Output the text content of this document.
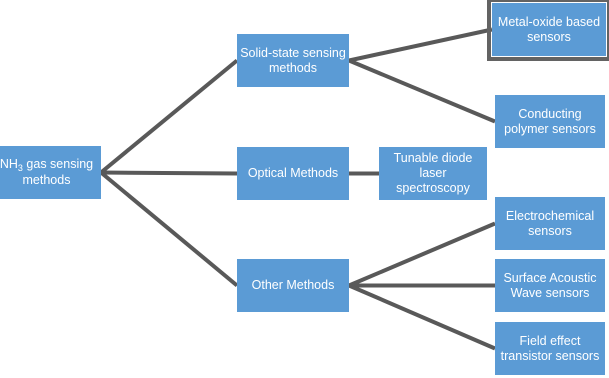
$NH_3$ gas sensing methods
Solid-state sensing methods
Optical Methods
Other Methods
Tunable diode laser spectroscopy
Metal-oxide based sensors
Conducting polymer sensors
Electrochemical sensors
Surface Acoustic Wave sensors
Field effect transistor sensors
